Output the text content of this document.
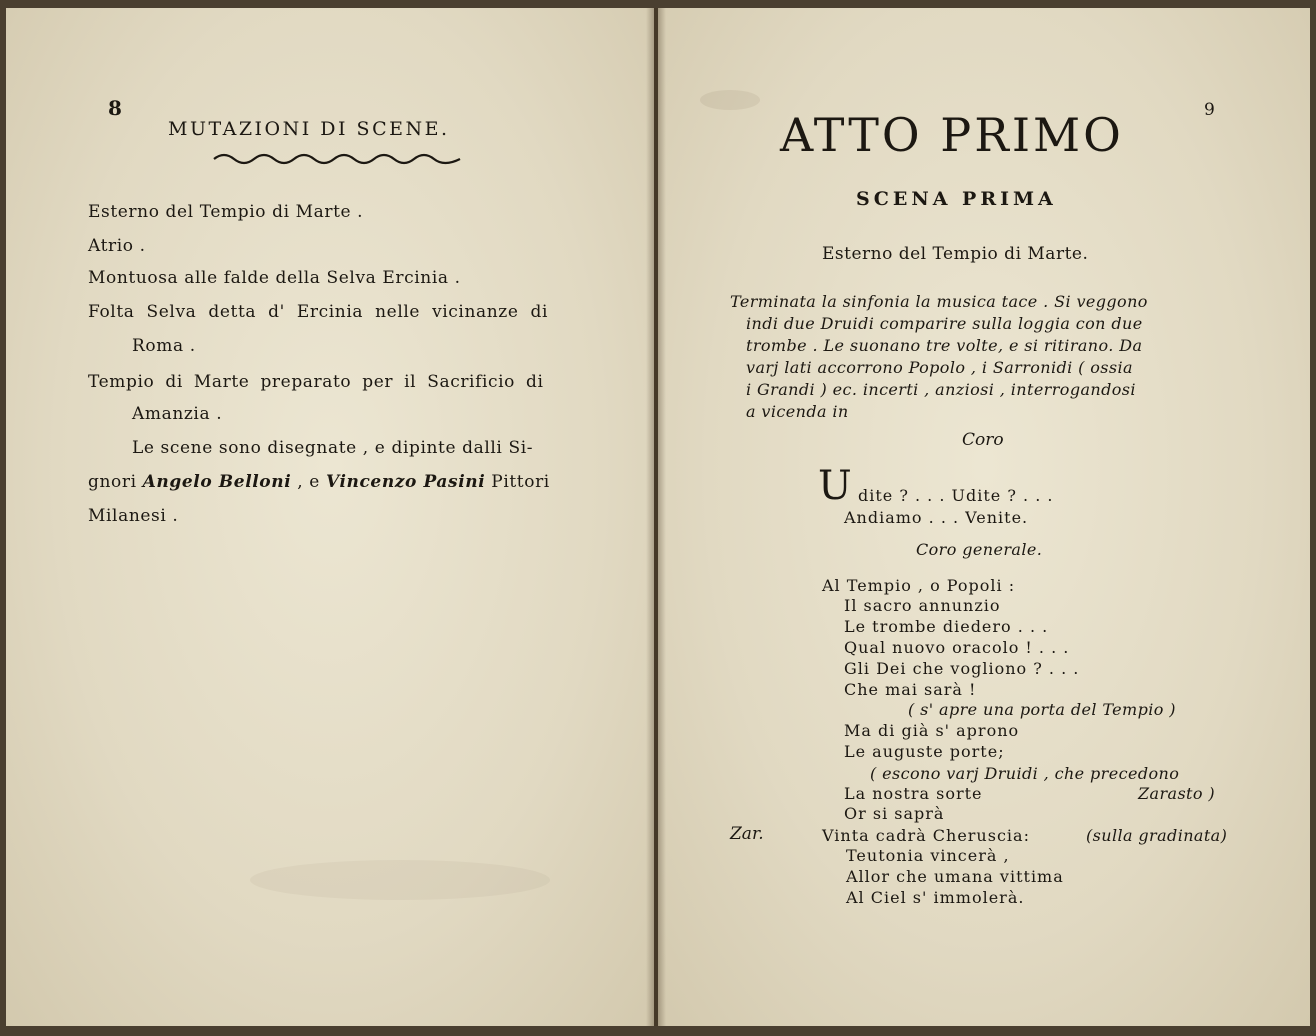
8
MUTAZIONI DI SCENE.
Esterno del Tempio di Marte .
Atrio .
Montuosa alle falde della Selva Ercinia .
Folta Selva detta d' Ercinia nelle vicinanze di
Roma .
Tempio di Marte preparato per il Sacrificio di
Amanzia .
Le scene sono disegnate , e dipinte dalli Si-
gnori Angelo Belloni , e Vincenzo Pasini Pittori
Milanesi .
9
ATTO PRIMO
SCENA PRIMA
Esterno del Tempio di Marte.
Terminata la sinfonia la musica tace . Si veggono
indi due Druidi comparire sulla loggia con due
trombe . Le suonano tre volte, e si ritirano. Da
varj lati accorrono Popolo , i Sarronidi ( ossia
i Grandi ) ec. incerti , anziosi , interrogandosi
a vicenda in
Coro
U dite ? . . . Udite ? . . .
Andiamo . . . Venite.
Coro generale.
Al Tempio , o Popoli :
Il sacro annunzio
Le trombe diedero . . .
Qual nuovo oracolo ! . . .
Gli Dei che vogliono ? . . .
Che mai sarà !
( s' apre una porta del Tempio )
Ma di già s' aprono
Le auguste porte;
( escono varj Druidi , che precedono
La nostra sorte	Zarasto )
Or si saprà
Zar.	Vinta cadrà Cheruscia:	(sulla gradinata)
Teutonia vincerà ,
Allor che umana vittima
Al Ciel s' immolerà.
